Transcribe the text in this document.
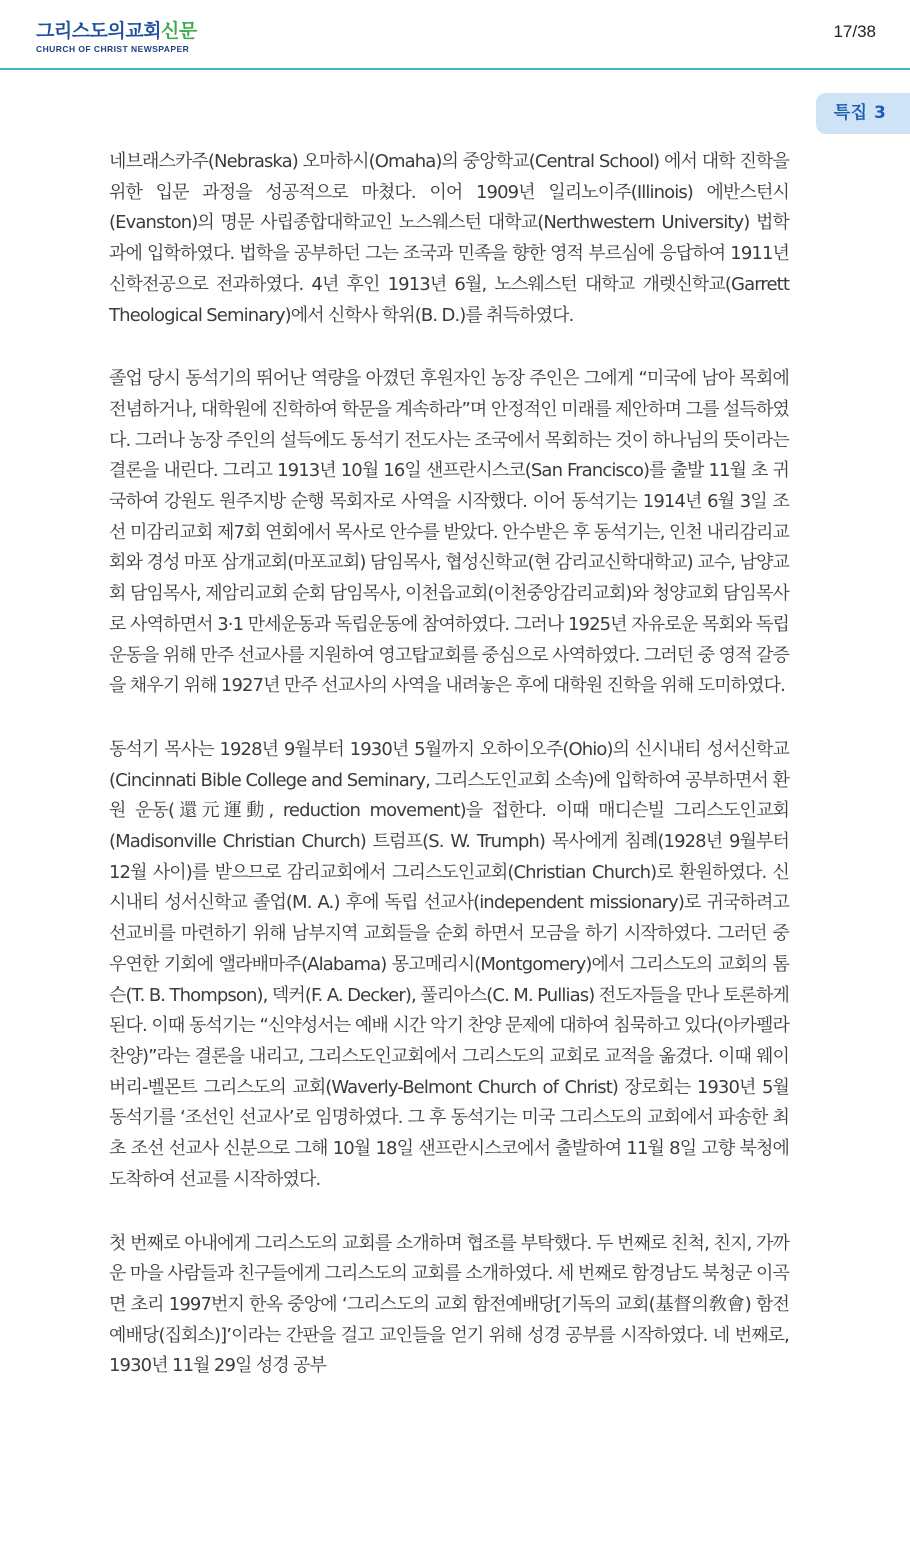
그리스도의교회신문
CHURCH OF CHRIST NEWSPAPER
17/38
특집 3

네브래스카주(Nebraska) 오마하시(Omaha)의 중앙학교(Central School) 에서 대학 진학을 위한 입문 과정을 성공적으로 마쳤다. 이어 1909년 일리노이주(Illinois) 에반스턴시(Evanston)의 명문 사립종합대학교인 노스웨스턴 대학교(Nerthwestern University) 법학과에 입학하였다. 법학을 공부하던 그는 조국과 민족을 향한 영적 부르심에 응답하여 1911년 신학전공으로 전과하였다. 4년 후인 1913년 6월, 노스웨스턴 대학교 개렛신학교(Garrett Theological Seminary)에서 신학사 학위(B. D.)를 취득하였다.

졸업 당시 동석기의 뛰어난 역량을 아꼈던 후원자인 농장 주인은 그에게 “미국에 남아 목회에 전념하거나, 대학원에 진학하여 학문을 계속하라”며 안정적인 미래를 제안하며 그를 설득하였다. 그러나 농장 주인의 설득에도 동석기 전도사는 조국에서 목회하는 것이 하나님의 뜻이라는 결론을 내린다. 그리고 1913년 10월 16일 샌프란시스코(San Francisco)를 출발 11월 초 귀국하여 강원도 원주지방 순행 목회자로 사역을 시작했다. 이어 동석기는 1914년 6월 3일 조선 미감리교회 제7회 연회에서 목사로 안수를 받았다. 안수받은 후 동석기는, 인천 내리감리교회와 경성 마포 삼개교회(마포교회) 담임목사, 협성신학교(현 감리교신학대학교) 교수, 남양교회 담임목사, 제암리교회 순회 담임목사, 이천읍교회(이천중앙감리교회)와 청양교회 담임목사로 사역하면서 3·1 만세운동과 독립운동에 참여하였다. 그러나 1925년 자유로운 목회와 독립운동을 위해 만주 선교사를 지원하여 영고탑교회를 중심으로 사역하였다. 그러던 중 영적 갈증을 채우기 위해 1927년 만주 선교사의 사역을 내려놓은 후에 대학원 진학을 위해 도미하였다.

동석기 목사는 1928년 9월부터 1930년 5월까지 오하이오주(Ohio)의 신시내티 성서신학교(Cincinnati Bible College and Seminary, 그리스도인교회 소속)에 입학하여 공부하면서 환원 운동(還元運動, reduction movement)을 접한다. 이때 매디슨빌 그리스도인교회(Madisonville Christian Church) 트럼프(S. W. Trumph) 목사에게 침례(1928년 9월부터 12월 사이)를 받으므로 감리교회에서 그리스도인교회(Christian Church)로 환원하였다. 신시내티 성서신학교 졸업(M. A.) 후에 독립 선교사(independent missionary)로 귀국하려고 선교비를 마련하기 위해 남부지역 교회들을 순회 하면서 모금을 하기 시작하였다. 그러던 중 우연한 기회에 앨라배마주(Alabama) 몽고메리시(Montgomery)에서 그리스도의 교회의 톰슨(T. B. Thompson), 덱커(F. A. Decker), 풀리아스(C. M. Pullias) 전도자들을 만나 토론하게 된다. 이때 동석기는 “신약성서는 예배 시간 악기 찬양 문제에 대하여 침묵하고 있다(아카펠라 찬양)”라는 결론을 내리고, 그리스도인교회에서 그리스도의 교회로 교적을 옮겼다. 이때 웨이버리-벨몬트 그리스도의 교회(Waverly-Belmont Church of Christ) 장로회는 1930년 5월 동석기를 ‘조선인 선교사’로 임명하였다. 그 후 동석기는 미국 그리스도의 교회에서 파송한 최초 조선 선교사 신분으로 그해 10월 18일 샌프란시스코에서 출발하여 11월 8일 고향 북청에 도착하여 선교를 시작하였다.

첫 번째로 아내에게 그리스도의 교회를 소개하며 협조를 부탁했다. 두 번째로 친척, 친지, 가까운 마을 사람들과 친구들에게 그리스도의 교회를 소개하였다. 세 번째로 함경남도 북청군 이곡면 초리 1997번지 한옥 중앙에 ‘그리스도의 교회 함전예배당[기독의 교회(基督의敎會) 함전예배당(집회소)]’이라는 간판을 걸고 교인들을 얻기 위해 성경 공부를 시작하였다. 네 번째로, 1930년 11월 29일 성경 공부
